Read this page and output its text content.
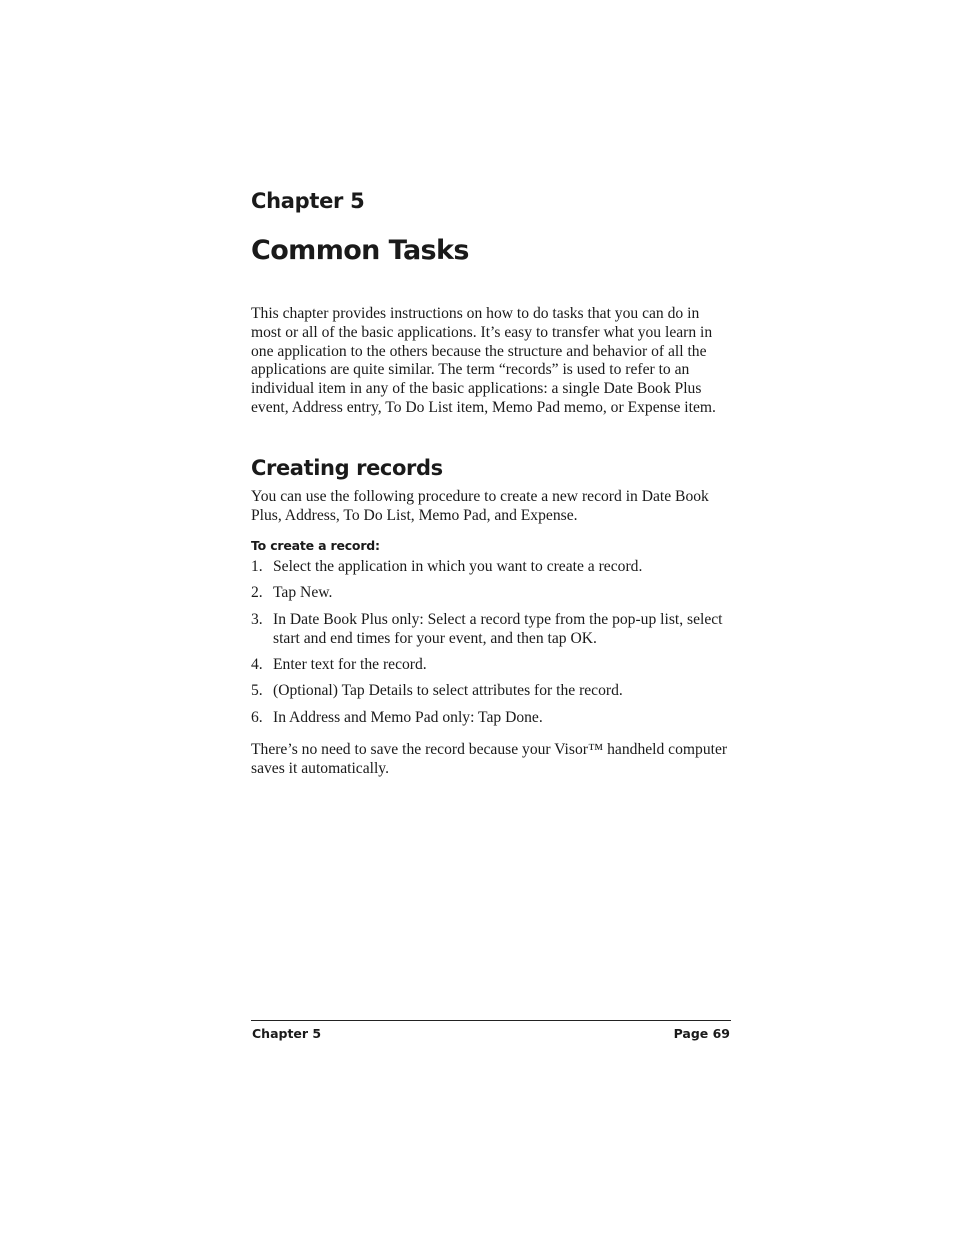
Chapter 5
Common Tasks

This chapter provides instructions on how to do tasks that you can do in most or all of the basic applications. It’s easy to transfer what you learn in one application to the others because the structure and behavior of all the applications are quite similar. The term “records” is used to refer to an individual item in any of the basic applications: a single Date Book Plus event, Address entry, To Do List item, Memo Pad memo, or Expense item.

Creating records

You can use the following procedure to create a new record in Date Book Plus, Address, To Do List, Memo Pad, and Expense.

To create a record:
1. Select the application in which you want to create a record.
2. Tap New.
3. In Date Book Plus only: Select a record type from the pop-up list, select start and end times for your event, and then tap OK.
4. Enter text for the record.
5. (Optional) Tap Details to select attributes for the record.
6. In Address and Memo Pad only: Tap Done.

There’s no need to save the record because your Visor™ handheld computer saves it automatically.

Chapter 5	Page 69
